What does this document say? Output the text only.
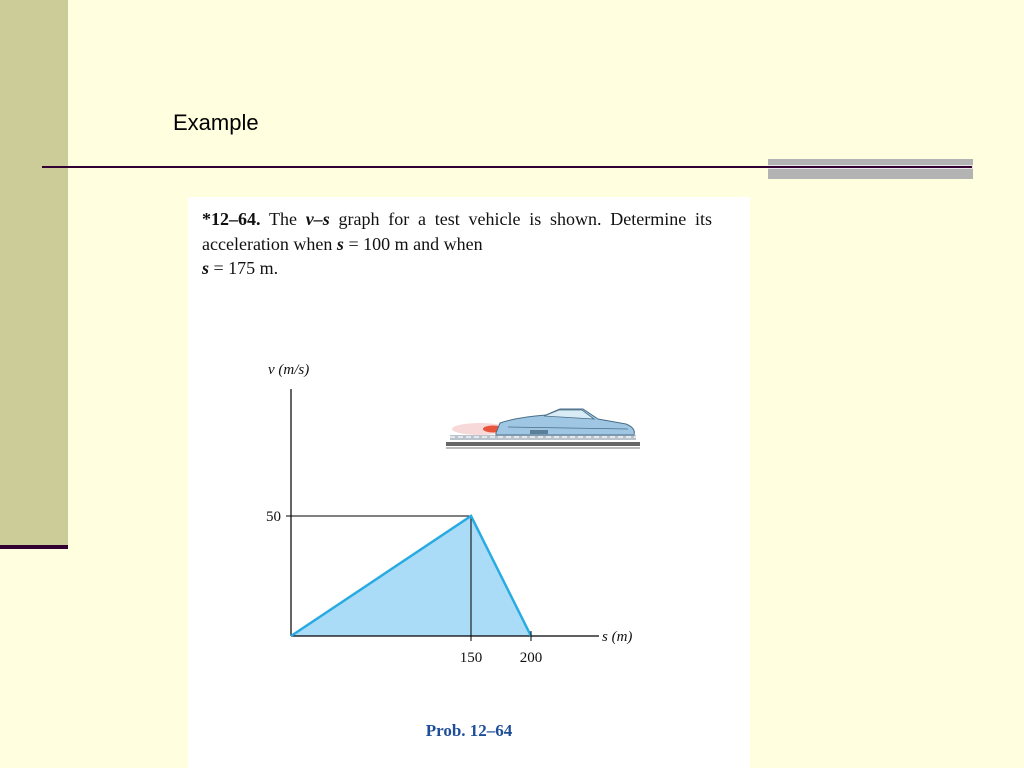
Example
*12–64. The v–s graph for a test vehicle is shown. Determine its acceleration when s = 100 m and when
s = 175 m.
150	200
50
v (m/s)
s (m)
Prob. 12–64
